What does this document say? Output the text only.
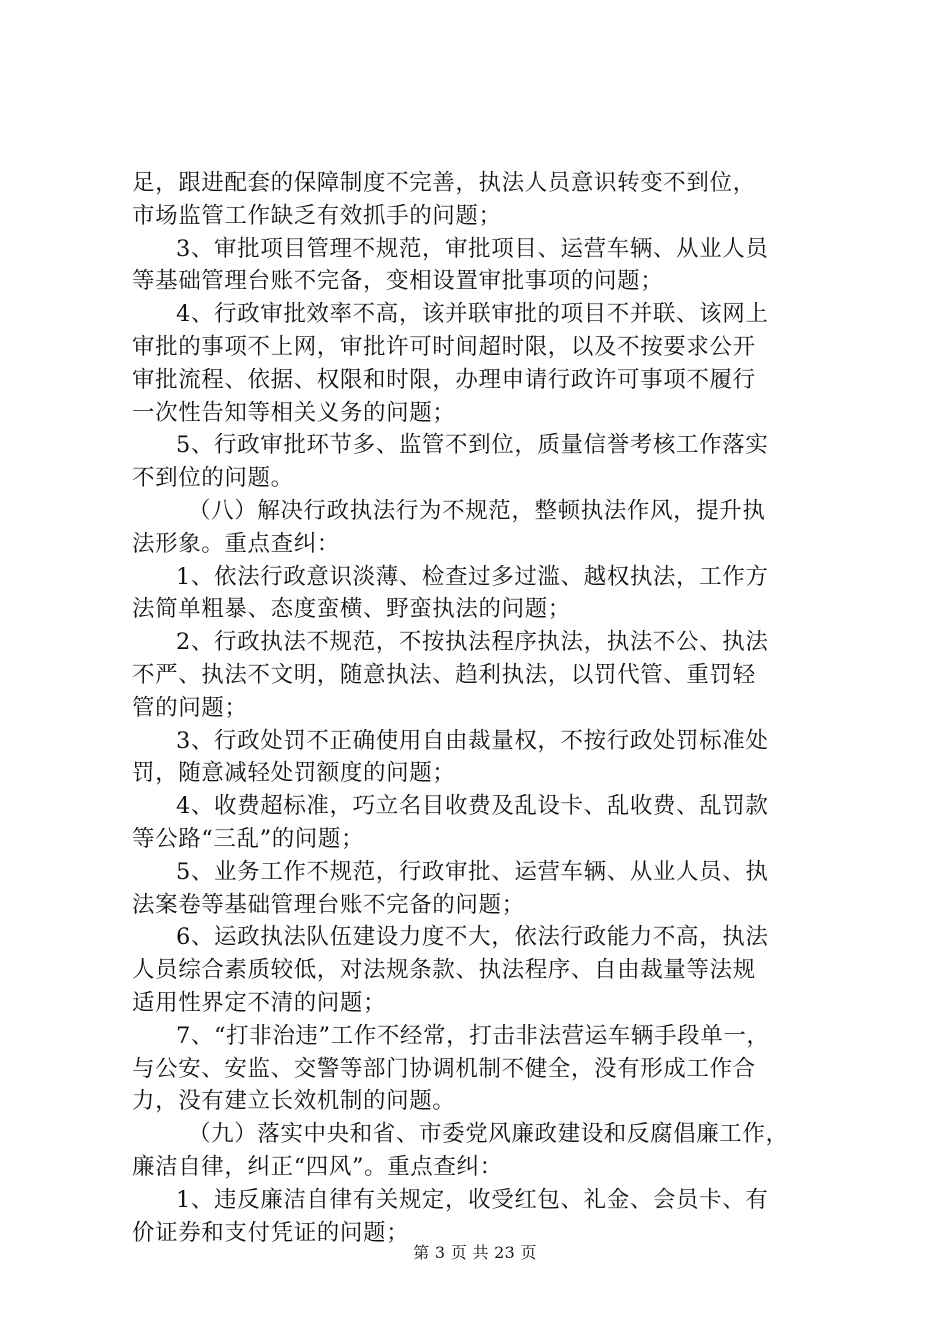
足，跟进配套的保障制度不完善，执法人员意识转变不到位，
市场监管工作缺乏有效抓手的问题；
3、审批项目管理不规范，审批项目、运营车辆、从业人员
等基础管理台账不完备，变相设置审批事项的问题；
4、行政审批效率不高，该并联审批的项目不并联、该网上
审批的事项不上网，审批许可时间超时限，以及不按要求公开
审批流程、依据、权限和时限，办理申请行政许可事项不履行
一次性告知等相关义务的问题；
5、行政审批环节多、监管不到位，质量信誉考核工作落实
不到位的问题。
（八）解决行政执法行为不规范，整顿执法作风，提升执
法形象。重点查纠：
1、依法行政意识淡薄、检查过多过滥、越权执法，工作方
法简单粗暴、态度蛮横、野蛮执法的问题；
2、行政执法不规范，不按执法程序执法，执法不公、执法
不严、执法不文明，随意执法、趋利执法，以罚代管、重罚轻
管的问题；
3、行政处罚不正确使用自由裁量权，不按行政处罚标准处
罚，随意减轻处罚额度的问题；
4、收费超标准，巧立名目收费及乱设卡、乱收费、乱罚款
等公路“三乱”的问题；
5、业务工作不规范，行政审批、运营车辆、从业人员、执
法案卷等基础管理台账不完备的问题；
6、运政执法队伍建设力度不大，依法行政能力不高，执法
人员综合素质较低，对法规条款、执法程序、自由裁量等法规
适用性界定不清的问题；
7、“打非治违”工作不经常，打击非法营运车辆手段单一，
与公安、安监、交警等部门协调机制不健全，没有形成工作合
力，没有建立长效机制的问题。
（九）落实中央和省、市委党风廉政建设和反腐倡廉工作，
廉洁自律，纠正“四风”。重点查纠：
1、违反廉洁自律有关规定，收受红包、礼金、会员卡、有
价证券和支付凭证的问题；
第 3 页 共 23 页
